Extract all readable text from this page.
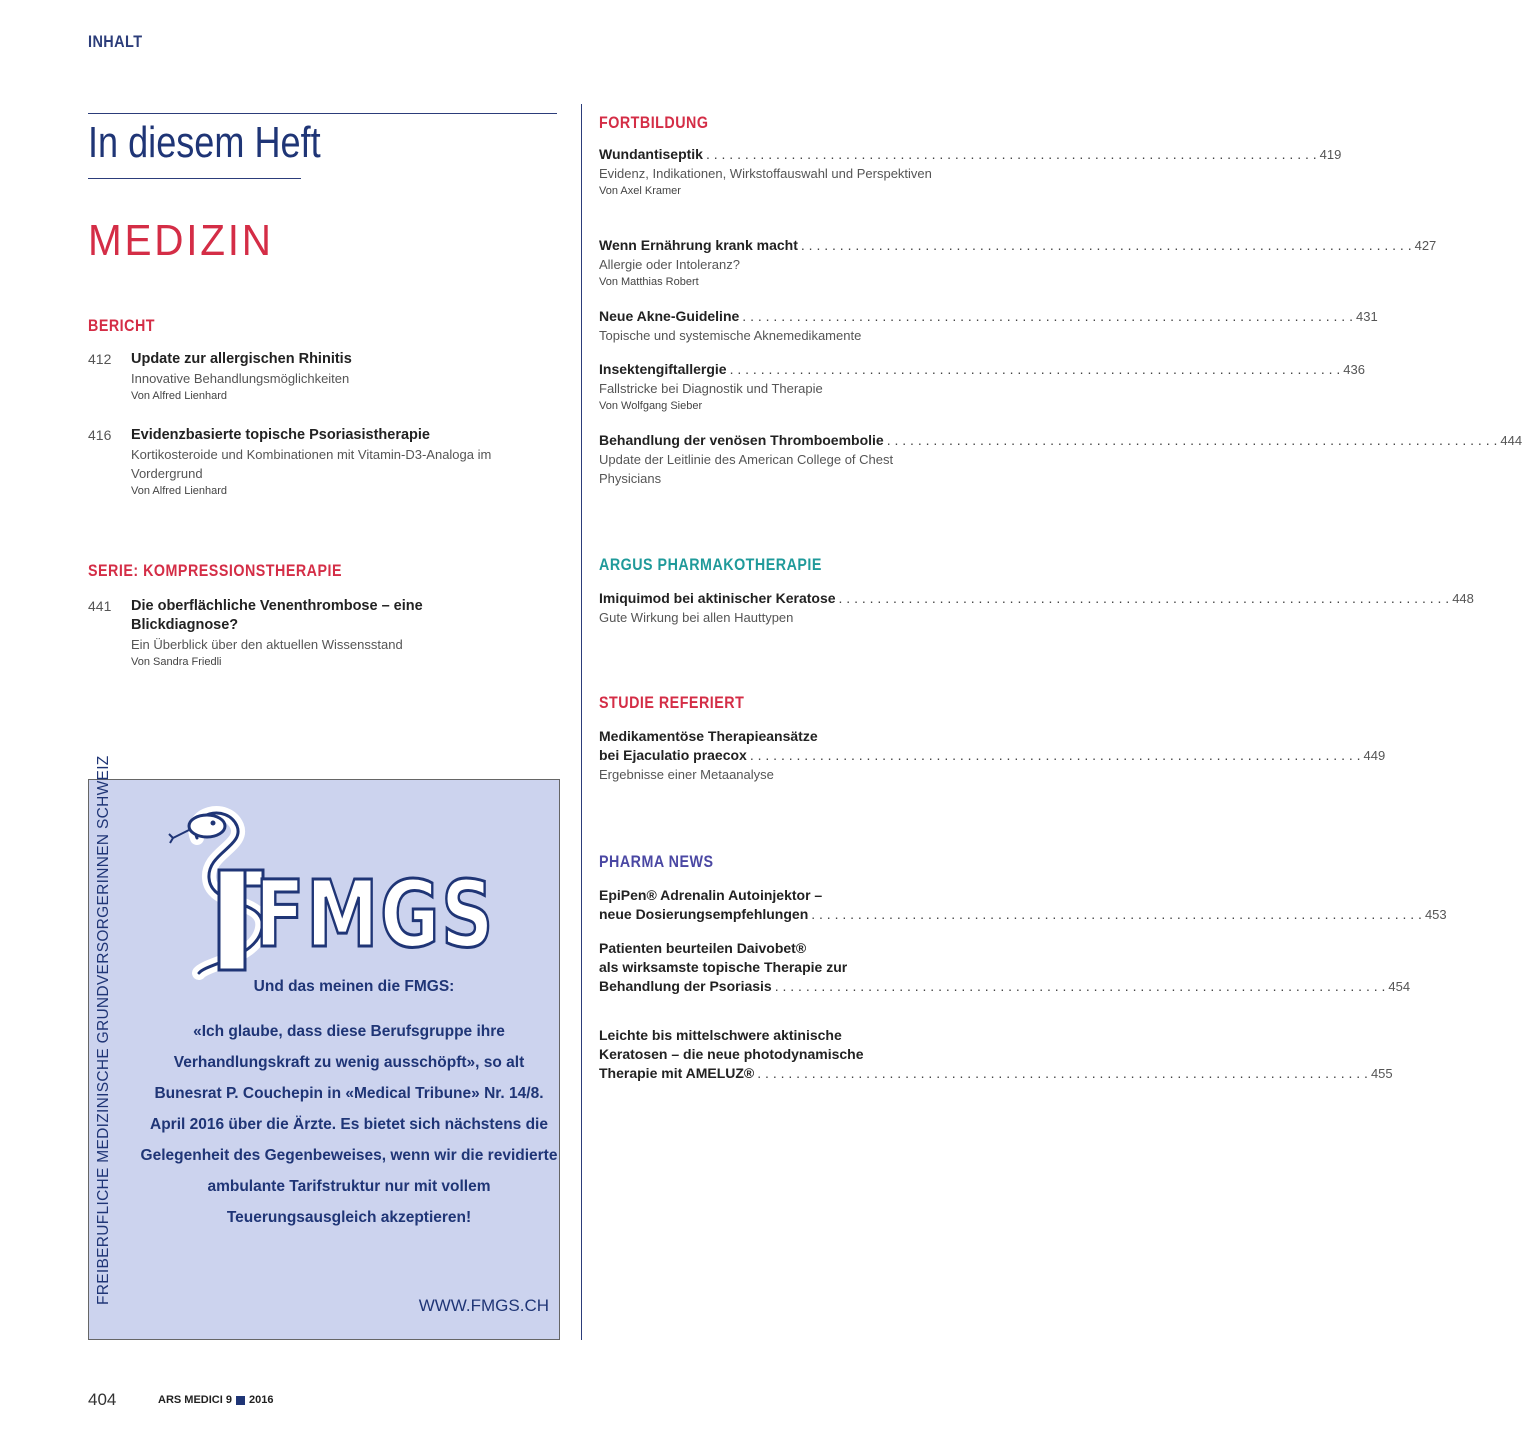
INHALT
In diesem Heft
MEDIZIN
BERICHT
412 Update zur allergischen Rhinitis
Innovative Behandlungsmöglichkeiten
Von Alfred Lienhard
416 Evidenzbasierte topische Psoriasistherapie
Kortikosteroide und Kombinationen mit Vitamin-D3-Analoga im Vordergrund
Von Alfred Lienhard
SERIE: KOMPRESSIONSTHERAPIE
441 Die oberflächliche Venenthrombose – eine Blickdiagnose?
Ein Überblick über den aktuellen Wissensstand
Von Sandra Friedli
FORTBILDUNG
Wundantiseptik . . .	419
Evidenz, Indikationen, Wirkstoffauswahl und Perspektiven
Von Axel Kramer
Wenn Ernährung krank macht . . .	427
Allergie oder Intoleranz?
Von Matthias Robert
Neue Akne-Guideline . . .	431
Topische und systemische Aknemedikamente
Insektengiftallergie . . .	436
Fallstricke bei Diagnostik und Therapie
Von Wolfgang Sieber
Behandlung der venösen Thromboembolie . . .	444
Update der Leitlinie des American College of Chest Physicians
ARGUS PHARMAKOTHERAPIE
Imiquimod bei aktinischer Keratose . . .	448
Gute Wirkung bei allen Hauttypen
STUDIE REFERIERT
Medikamentöse Therapieansätze
bei Ejaculatio praecox . . .	449
Ergebnisse einer Metaanalyse
PHARMA NEWS
EpiPen® Adrenalin Autoinjektor –
neue Dosierungsempfehlungen . . .	453
Patienten beurteilen Daivobet®
als wirksamste topische Therapie zur
Behandlung der Psoriasis . . .	454
Leichte bis mittelschwere aktinische
Keratosen – die neue photodynamische
Therapie mit AMELUZ® . . .	455
FREIBERUFLICHE MEDIZINISCHE GRUNDVERSORGERINNEN SCHWEIZ FMGS
Und das meinen die FMGS:
«Ich glaube, dass diese Berufsgruppe ihre Verhandlungskraft zu wenig ausschöpft», so alt Bunesrat P. Couchepin in «Medical Tribune» Nr. 14/8. April 2016 über die Ärzte. Es bietet sich nächstens die Gelegenheit des Gegenbeweises, wenn wir die revidierte ambulante Tarifstruktur nur mit vollem Teuerungsausgleich akzeptieren!
WWW.FMGS.CH
404	ARS MEDICI 9 2016
